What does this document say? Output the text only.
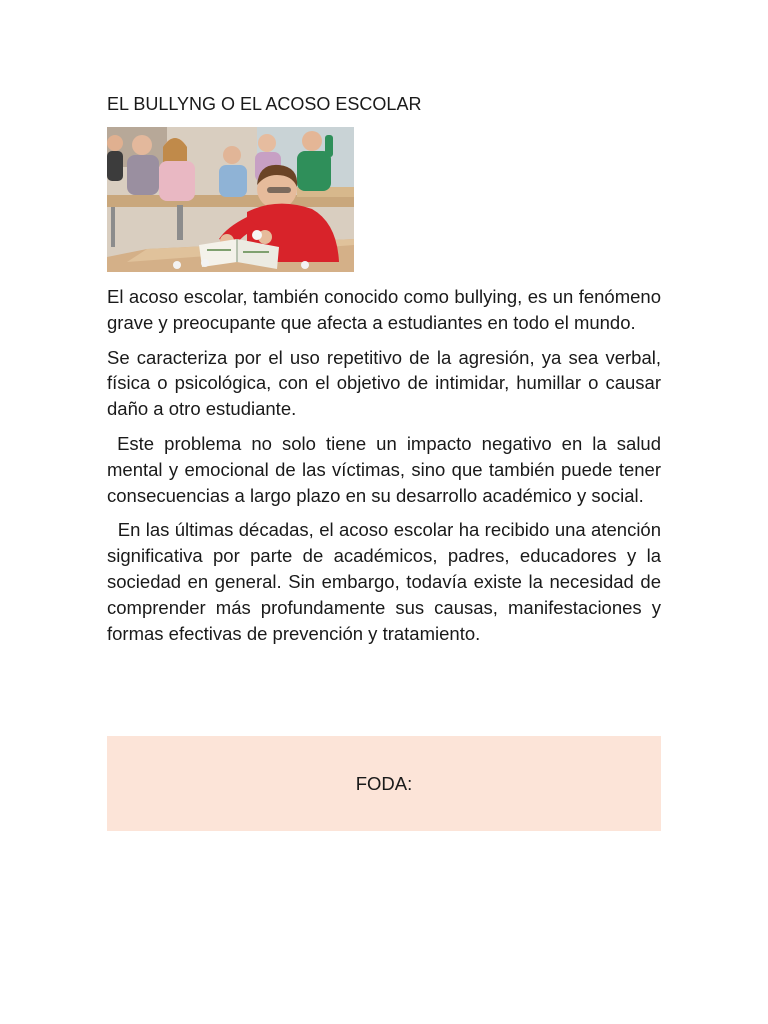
EL BULLYNG O EL ACOSO ESCOLAR

El acoso escolar, también conocido como bullying, es un fenómeno grave y preocupante que afecta a estudiantes en todo el mundo.

Se caracteriza por el uso repetitivo de la agresión, ya sea verbal, física o psicológica, con el objetivo de intimidar, humillar o causar daño a otro estudiante.

Este problema no solo tiene un impacto negativo en la salud mental y emocional de las víctimas, sino que también puede tener consecuencias a largo plazo en su desarrollo académico y social.

En las últimas décadas, el acoso escolar ha recibido una atención significativa por parte de académicos, padres, educadores y la sociedad en general. Sin embargo, todavía existe la necesidad de comprender más profundamente sus causas, manifestaciones y formas efectivas de prevención y tratamiento.

FODA:
